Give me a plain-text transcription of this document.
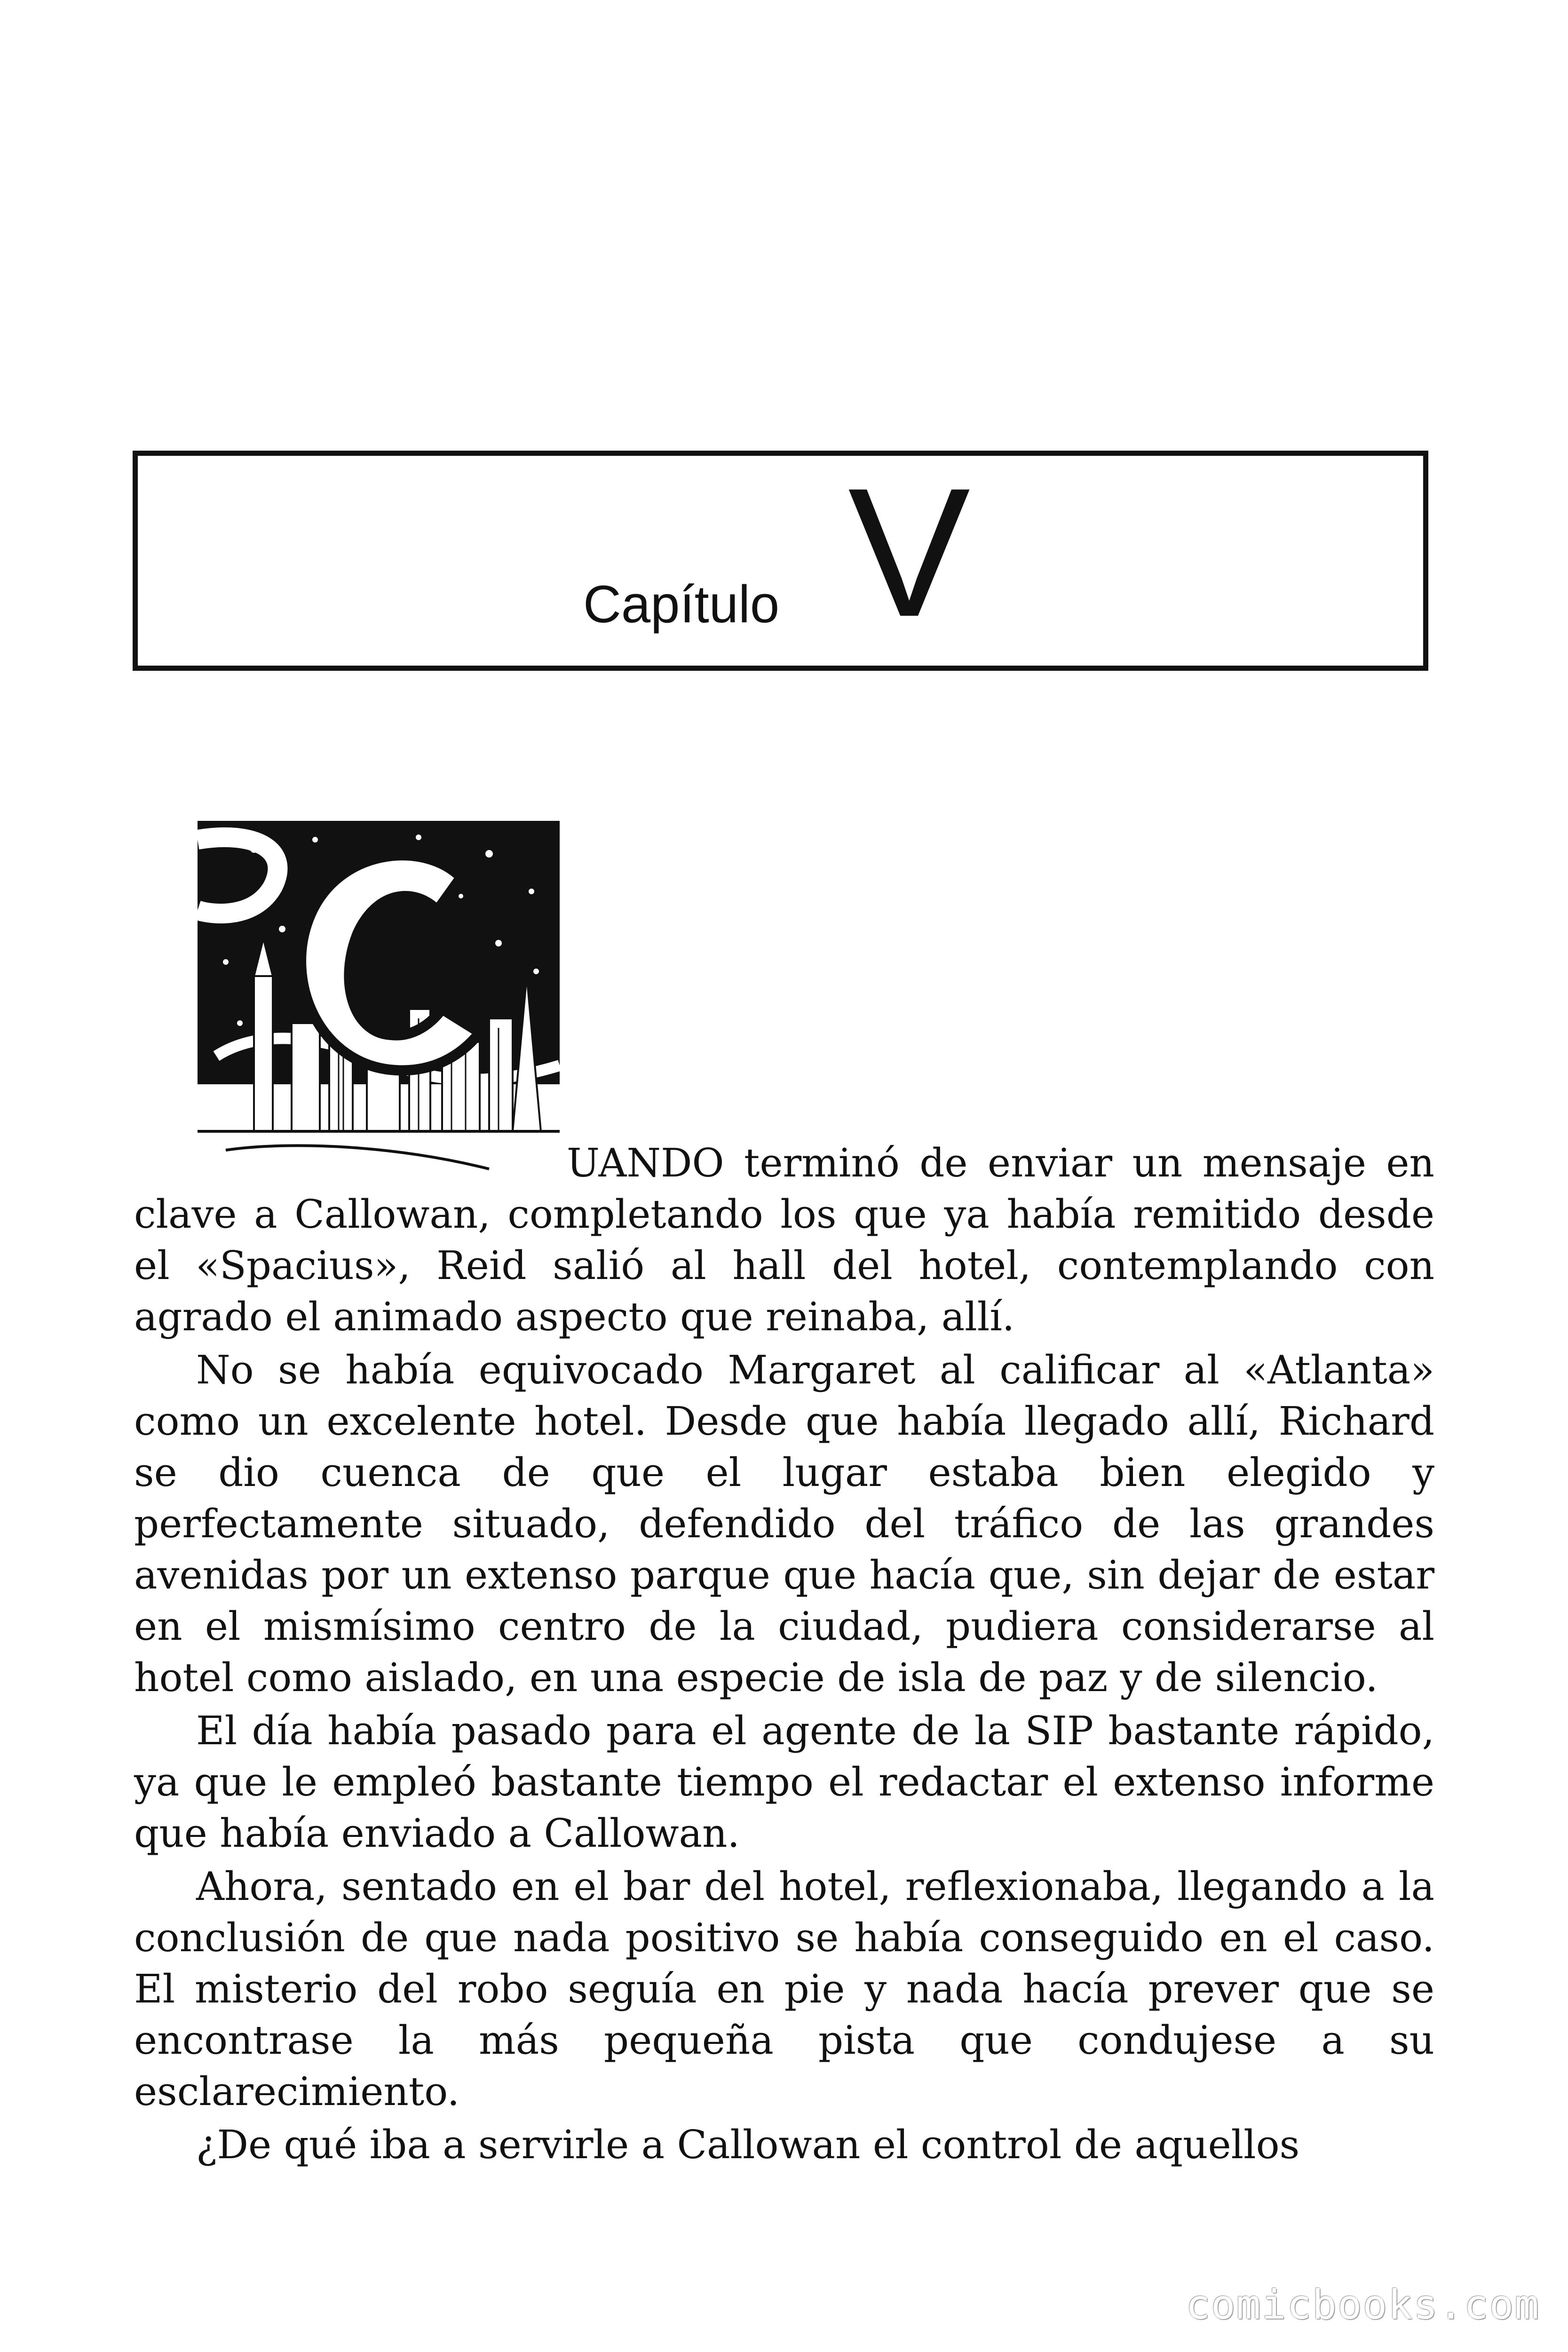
Capítulo V

UANDO terminó de enviar un mensaje en clave a Callowan, completando los que ya había remitido desde el «Spacius», Reid salió al hall del hotel, contemplando con agrado el animado aspecto que reinaba, allí.

No se había equivocado Margaret al calificar al «Atlanta» como un excelente hotel. Desde que había llegado allí, Richard se dio cuenca de que el lugar estaba bien elegido y perfectamente situado, defendido del tráfico de las grandes avenidas por un extenso parque que hacía que, sin dejar de estar en el mismísimo centro de la ciudad, pudiera considerarse al hotel como aislado, en una especie de isla de paz y de silencio.

El día había pasado para el agente de la SIP bastante rápido, ya que le empleó bastante tiempo el redactar el extenso informe que había enviado a Callowan.

Ahora, sentado en el bar del hotel, reflexionaba, llegando a la conclusión de que nada positivo se había conseguido en el caso. El misterio del robo seguía en pie y nada hacía prever que se encontrase la más pequeña pista que condujese a su esclarecimiento.

¿De qué iba a servirle a Callowan el control de aquellos

comicbooks.com
